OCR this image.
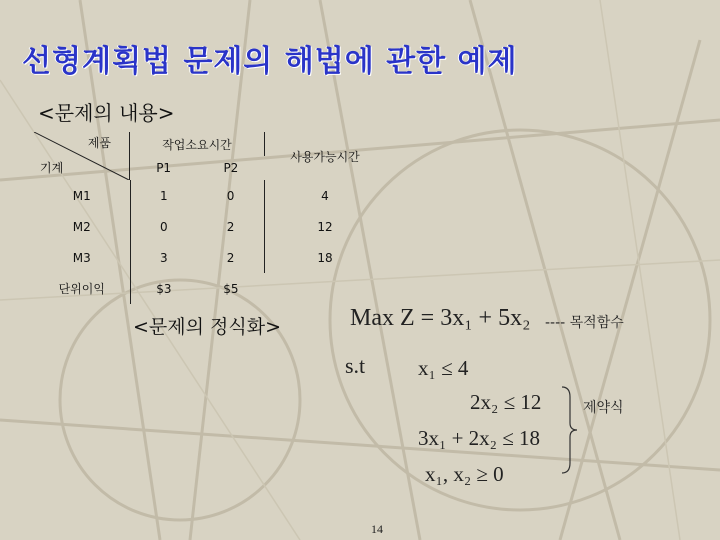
선형계획법 문제의 해법에 관한 예제
<문제의 내용>
제품
기계	작업소요시간		사용가능시간
	P1	P2	
M1	1	0	4
M2	0	2	12
M3	3	2	18
단위이익	$3	$5	
<문제의 정식화>	Max Z = 3x₁ + 5x₂ ---- 목적함수
s.t	x₁ ≤ 4
2x₂ ≤ 12
3x₁ + 2x₂ ≤ 18
x₁, x₂ ≥ 0
제약식
14
